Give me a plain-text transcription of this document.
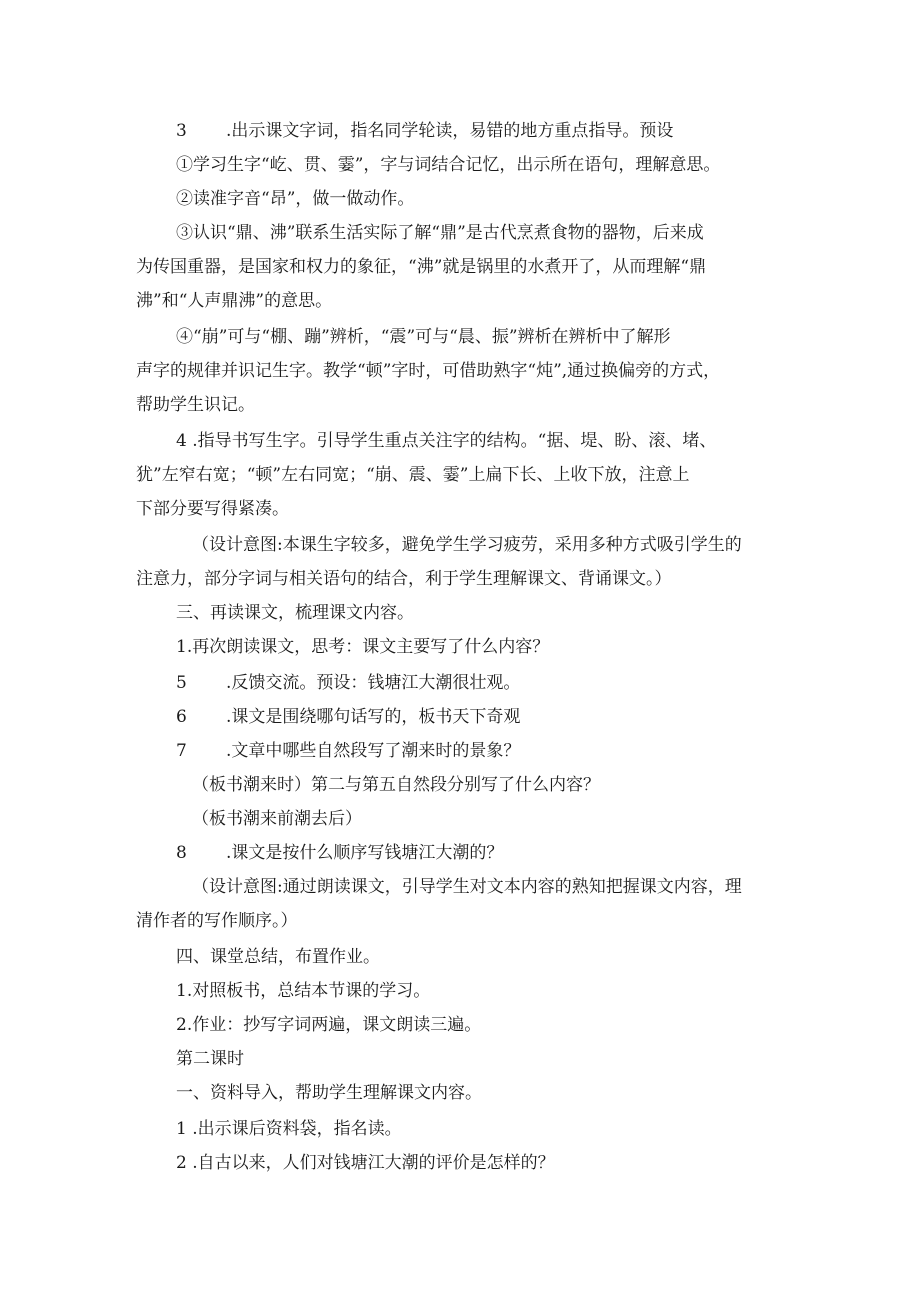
3 .出示课文字词，指名同学轮读，易错的地方重点指导。预设
①学习生字“屹、贯、霎”，字与词结合记忆，出示所在语句，理解意思。
②读准字音“昂”，做一做动作。
③认识“鼎、沸”联系生活实际了解“鼎”是古代烹煮食物的器物，后来成
为传国重器，是国家和权力的象征，“沸”就是锅里的水煮开了，从而理解“鼎
沸”和“人声鼎沸”的意思。
④“崩”可与“棚、蹦”辨析，“震”可与“晨、振”辨析在辨析中了解形
声字的规律并识记生字。教学“顿”字时，可借助熟字“炖”,通过换偏旁的方式，
帮助学生识记。
4 .指导书写生字。引导学生重点关注字的结构。“据、堤、盼、滚、堵、
犹”左窄右宽；“顿”左右同宽；“崩、震、霎”上扁下长、上收下放，注意上
下部分要写得紧凑。
（设计意图:本课生字较多，避免学生学习疲劳，采用多种方式吸引学生的
注意力，部分字词与相关语句的结合，利于学生理解课文、背诵课文。）
三、再读课文，梳理课文内容。
1.再次朗读课文，思考：课文主要写了什么内容？
5 .反馈交流。预设：钱塘江大潮很壮观。
6 .课文是围绕哪句话写的，板书天下奇观
7 .文章中哪些自然段写了潮来时的景象？
（板书潮来时）第二与第五自然段分别写了什么内容？
（板书潮来前潮去后）
8 .课文是按什么顺序写钱塘江大潮的？
（设计意图:通过朗读课文，引导学生对文本内容的熟知把握课文内容，理
清作者的写作顺序。）
四、课堂总结，布置作业。
1.对照板书，总结本节课的学习。
2.作业：抄写字词两遍，课文朗读三遍。
第二课时
一、资料导入，帮助学生理解课文内容。
1 .出示课后资料袋，指名读。
2 .自古以来，人们对钱塘江大潮的评价是怎样的？
